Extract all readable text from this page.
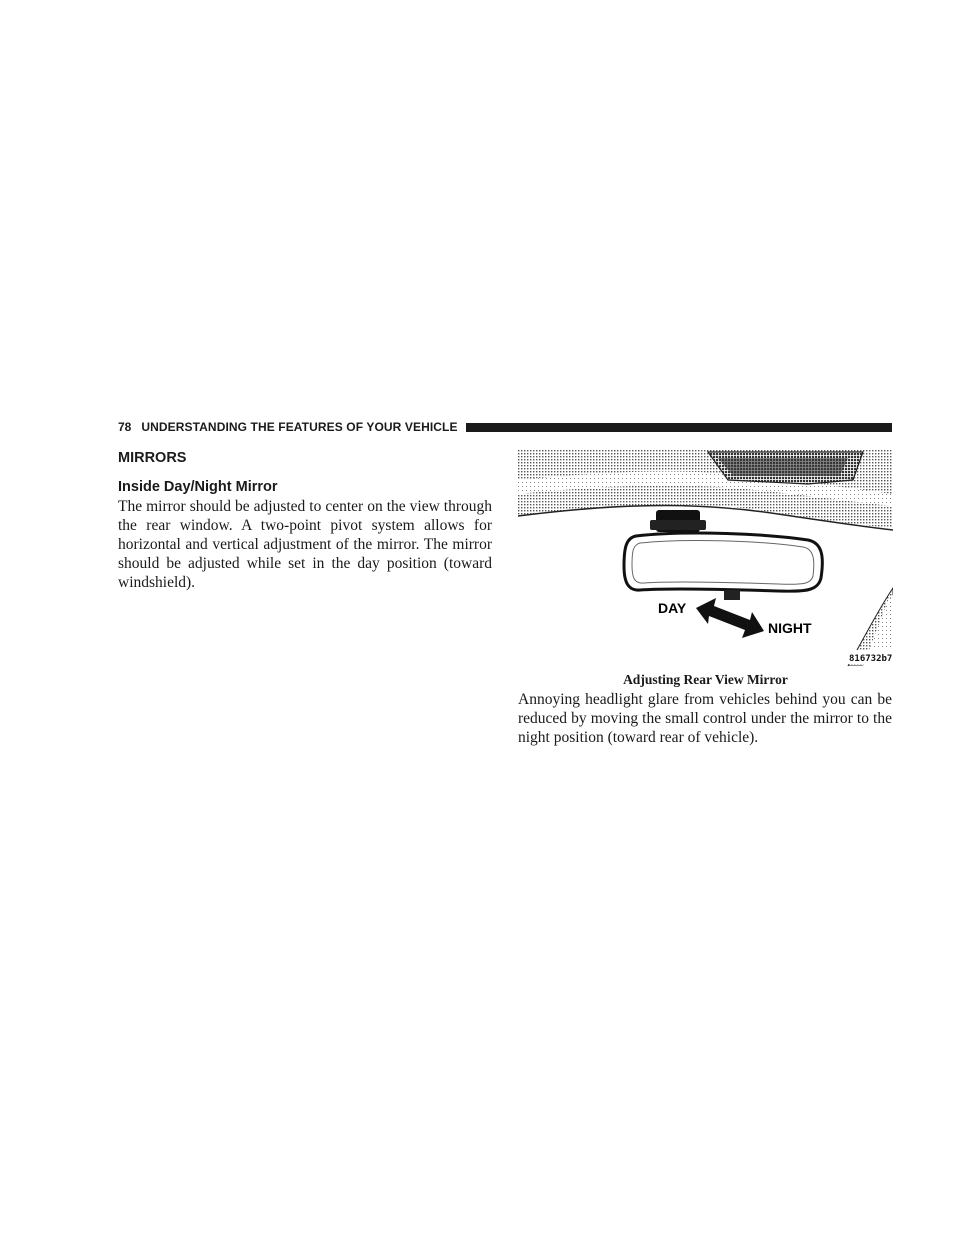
78 UNDERSTANDING THE FEATURES OF YOUR VEHICLE
MIRRORS
Inside Day/Night Mirror

The mirror should be adjusted to center on the view through the rear window. A two-point pivot system allows for horizontal and vertical adjustment of the mirror. The mirror should be adjusted while set in the day position (toward windshield).

DAY
NIGHT
816732b7
Adjusting Rear View Mirror

Annoying headlight glare from vehicles behind you can be reduced by moving the small control under the mirror to the night position (toward rear of vehicle).
